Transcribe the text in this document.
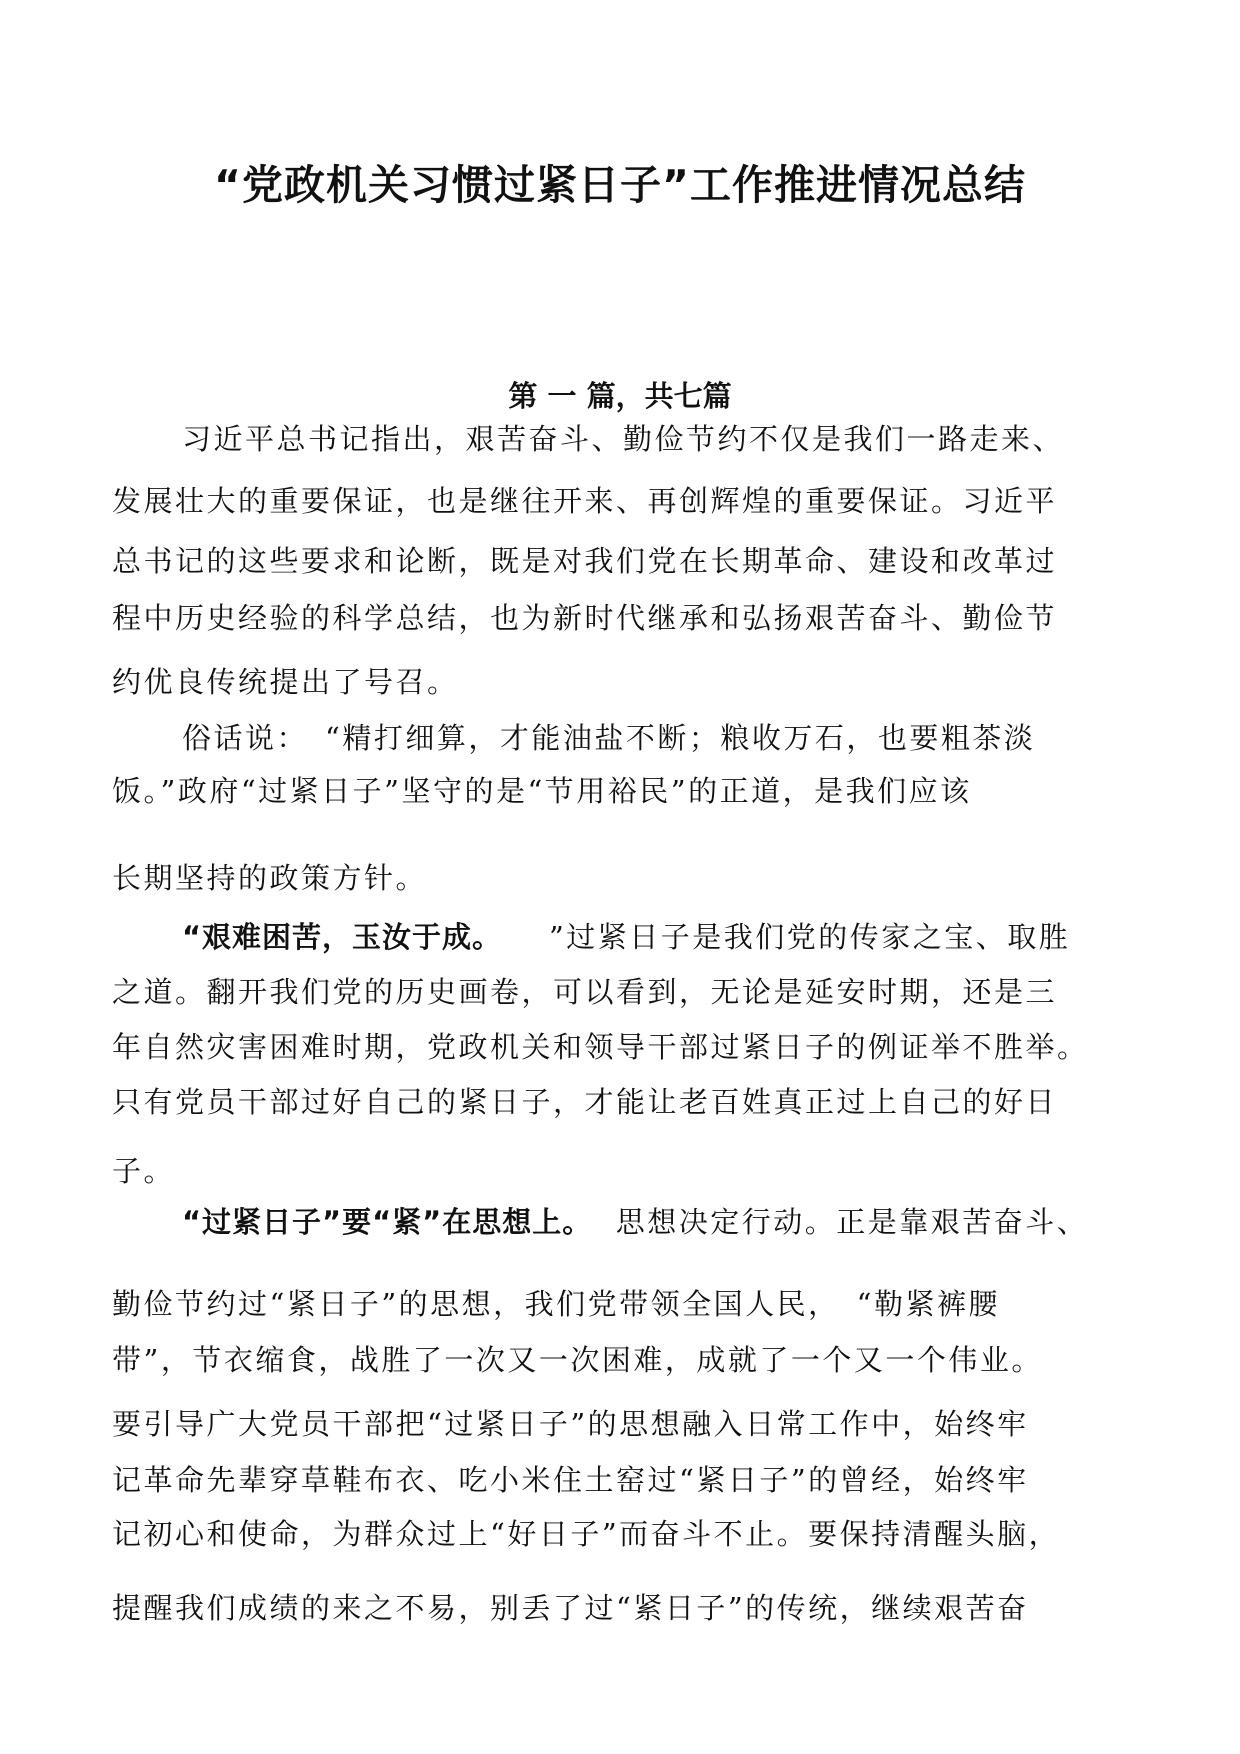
“党政机关习惯过紧日子”工作推进情况总结
第 一 篇，共七篇
习近平总书记指出，艰苦奋斗、勤俭节约不仅是我们一路走来、
发展壮大的重要保证，也是继往开来、再创辉煌的重要保证。习近平
总书记的这些要求和论断，既是对我们党在长期革命、建设和改革过
程中历史经验的科学总结，也为新时代继承和弘扬艰苦奋斗、勤俭节
约优良传统提出了号召。
俗话说：　“精打细算，才能油盐不断；粮收万石，也要粗茶淡
饭。”政府“过紧日子”坚守的是“节用裕民”的正道，是我们应该
长期坚持的政策方针。
“艰难困苦，玉汝于成。 ”过紧日子是我们党的传家之宝、取胜
之道。翻开我们党的历史画卷，可以看到，无论是延安时期，还是三
年自然灾害困难时期，党政机关和领导干部过紧日子的例证举不胜举。
只有党员干部过好自己的紧日子，才能让老百姓真正过上自己的好日
子。
“过紧日子”要“紧”在思想上。 思想决定行动。正是靠艰苦奋斗、
勤俭节约过“紧日子”的思想，我们党带领全国人民，　“勒紧裤腰
带”，节衣缩食，战胜了一次又一次困难，成就了一个又一个伟业。
要引导广大党员干部把“过紧日子”的思想融入日常工作中，始终牢
记革命先辈穿草鞋布衣、吃小米住土窑过“紧日子”的曾经，始终牢
记初心和使命，为群众过上“好日子”而奋斗不止。要保持清醒头脑，
提醒我们成绩的来之不易，别丢了过“紧日子”的传统，继续艰苦奋
